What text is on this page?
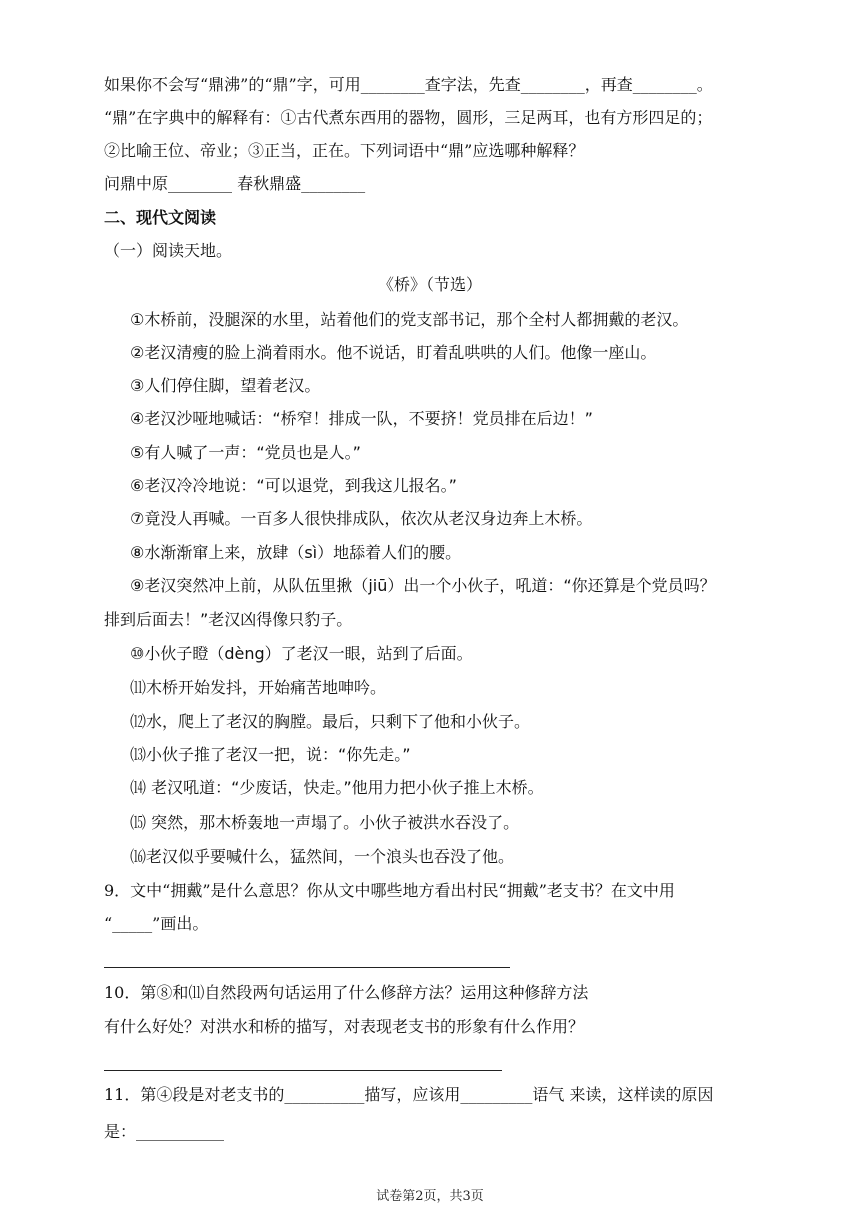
如果你不会写“鼎沸”的“鼎”字，可用________查字法，先查________，再查________。
“鼎”在字典中的解释有：①古代煮东西用的器物，圆形，三足两耳，也有方形四足的；
②比喻王位、帝业；③正当，正在。下列词语中“鼎”应选哪种解释？
问鼎中原________ 春秋鼎盛________
二、现代文阅读
（一）阅读天地。
《桥》（节选）
①木桥前，没腿深的水里，站着他们的党支部书记，那个全村人都拥戴的老汉。
②老汉清瘦的脸上淌着雨水。他不说话，盯着乱哄哄的人们。他像一座山。
③人们停住脚，望着老汉。
④老汉沙哑地喊话：“桥窄！排成一队，不要挤！党员排在后边！”
⑤有人喊了一声：“党员也是人。”
⑥老汉冷冷地说：“可以退党，到我这儿报名。”
⑦竟没人再喊。一百多人很快排成队，依次从老汉身边奔上木桥。
⑧水渐渐窜上来，放肆（sì）地舔着人们的腰。
⑨老汉突然冲上前，从队伍里揪（jiū）出一个小伙子，吼道：“你还算是个党员吗？
排到后面去！”老汉凶得像只豹子。
⑩小伙子瞪（dèng）了老汉一眼，站到了后面。
⑾木桥开始发抖，开始痛苦地呻吟。
⑿水，爬上了老汉的胸膛。最后，只剩下了他和小伙子。
⒀小伙子推了老汉一把，说：“你先走。”
⒁ 老汉吼道：“少废话，快走。”他用力把小伙子推上木桥。
⒂ 突然，那木桥轰地一声塌了。小伙子被洪水吞没了。
⒃老汉似乎要喊什么，猛然间，一个浪头也吞没了他。
9．文中“拥戴”是什么意思？你从文中哪些地方看出村民“拥戴”老支书？在文中用
“_____”画出。
10．第⑧和⑾自然段两句话运用了什么修辞方法？运用这种修辞方法
有什么好处？对洪水和桥的描写，对表现老支书的形象有什么作用？
11．第④段是对老支书的__________描写，应该用_________语气 来读，这样读的原因
是：___________
试卷第2页，共3页
